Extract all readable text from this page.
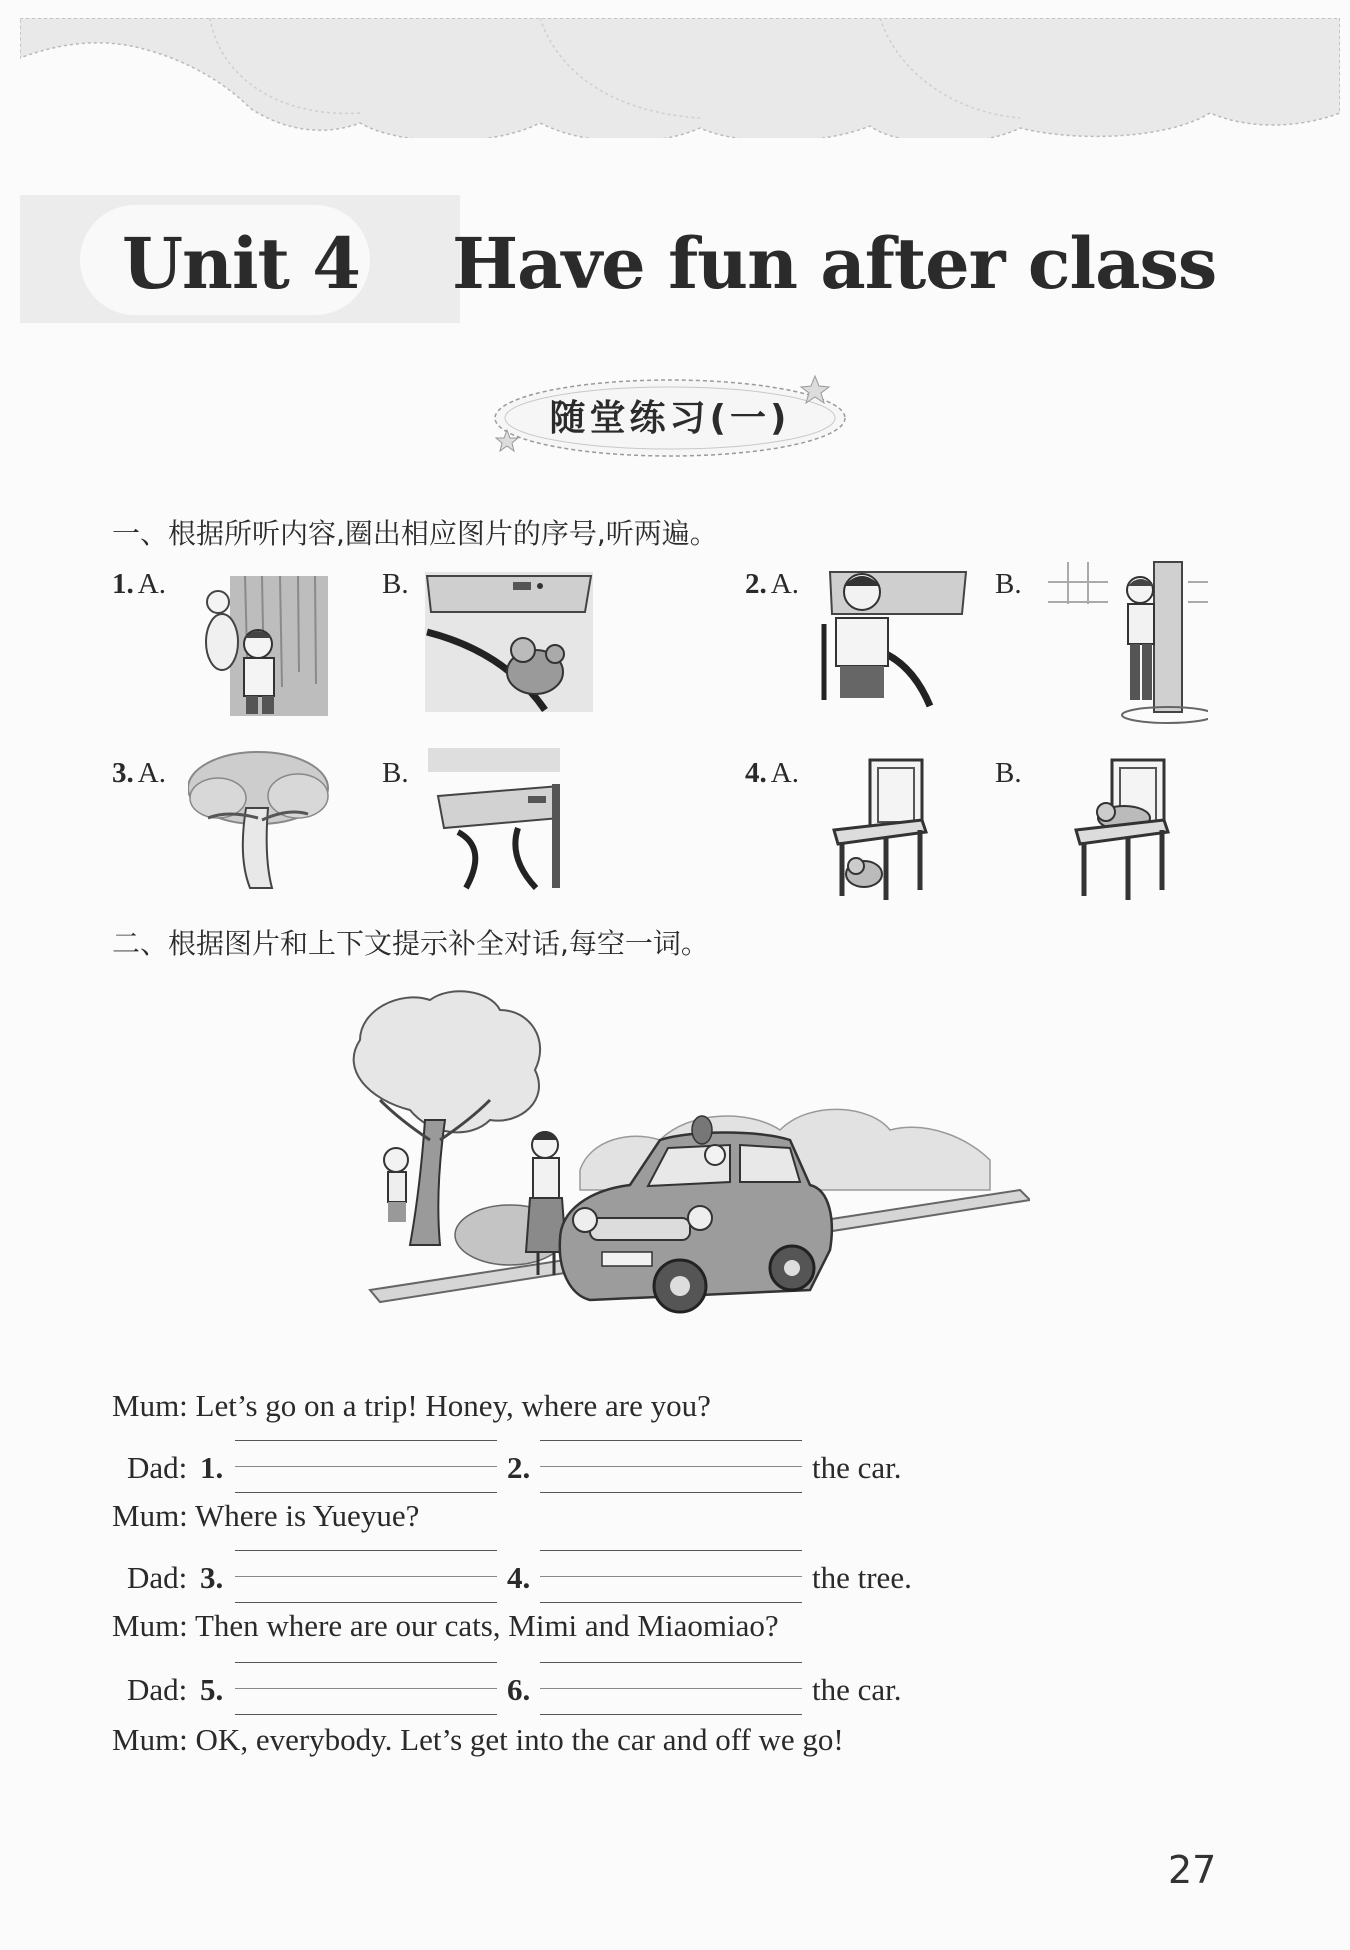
Unit 4 Have fun after class
随堂练习(一)
一、根据所听内容,圈出相应图片的序号,听两遍。
1. A.	B.	2. A.	B.
3. A.	B.	4. A.	B.
二、根据图片和上下文提示补全对话,每空一词。
Mum: Let’s go on a trip! Honey, where are you?
Dad: 1.	2.	the car.
Mum: Where is Yueyue?
Dad: 3.	4.	the tree.
Mum: Then where are our cats, Mimi and Miaomiao?
Dad: 5.	6.	the car.
Mum: OK, everybody. Let’s get into the car and off we go!
27
